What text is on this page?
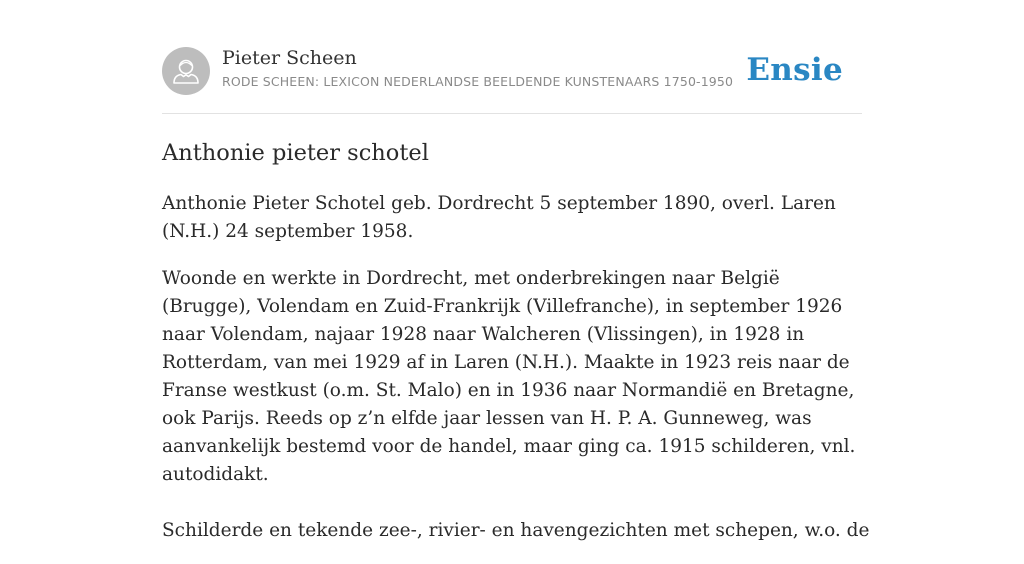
Pieter Scheen
RODE SCHEEN: LEXICON NEDERLANDSE BEELDENDE KUNSTENAARS 1750-1950 Ensie
Anthonie pieter schotel

Anthonie Pieter Schotel geb. Dordrecht 5 september 1890, overl. Laren (N.H.) 24 september 1958.

Woonde en werkte in Dordrecht, met onderbrekingen naar België (Brugge), Volendam en Zuid-Frankrijk (Villefranche), in september 1926 naar Volendam, najaar 1928 naar Walcheren (Vlissingen), in 1928 in Rotterdam, van mei 1929 af in Laren (N.H.). Maakte in 1923 reis naar de Franse westkust (o.m. St. Malo) en in 1936 naar Normandië en Bretagne, ook Parijs. Reeds op z’n elfde jaar lessen van H. P. A. Gunneweg, was aanvankelijk bestemd voor de handel, maar ging ca. 1915 schilderen, vnl. autodidakt.

Schilderde en tekende zee-, rivier- en havengezichten met schepen, w.o. de
